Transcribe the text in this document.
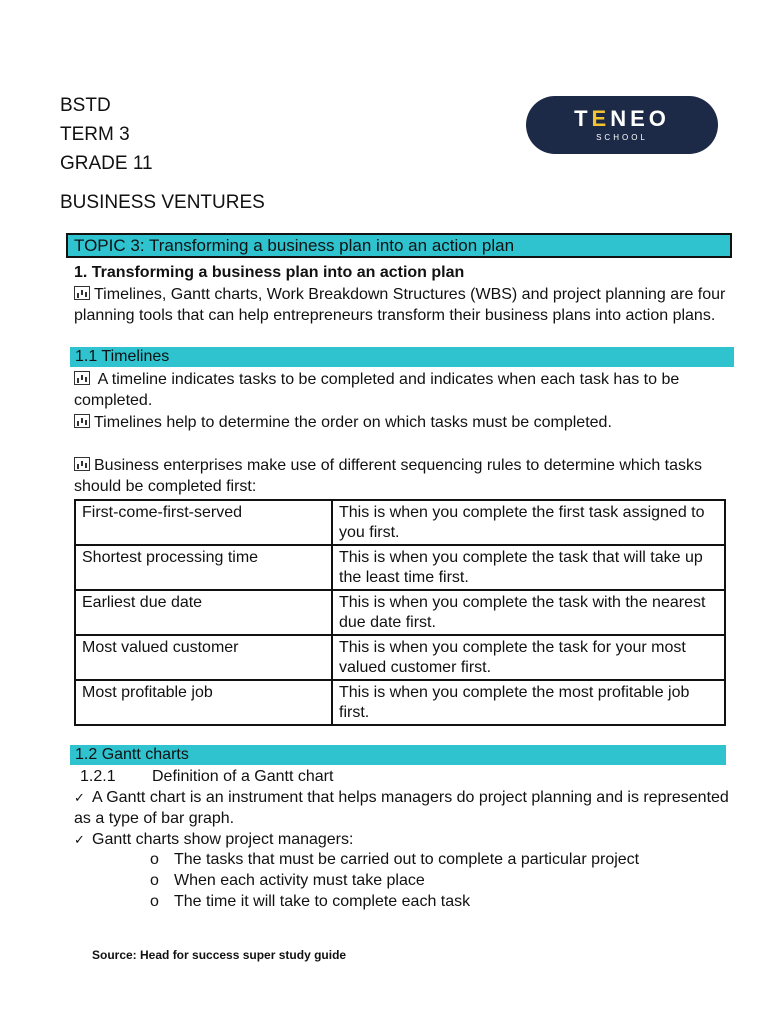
BSTD
TERM 3
GRADE 11
BUSINESS VENTURES
TENEO
SCHOOL
TOPIC 3: Transforming a business plan into an action plan

1. Transforming a business plan into an action plan

Timelines, Gantt charts, Work Breakdown Structures (WBS) and project planning are four planning tools that can help entrepreneurs transform their business plans into action plans.

1.1 Timelines

A timeline indicates tasks to be completed and indicates when each task has to be completed.

Timelines help to determine the order on which tasks must be completed.

Business enterprises make use of different sequencing rules to determine which tasks should be completed first:

First-come-first-served	This is when you complete the first task assigned to you first.
Shortest processing time	This is when you complete the task that will take up the least time first.
Earliest due date	This is when you complete the task with the nearest due date first.
Most valued customer	This is when you complete the task for your most valued customer first.
Most profitable job	This is when you complete the most profitable job first.
1.2 Gantt charts
1.2.1 Definition of a Gantt chart

✓ A Gantt chart is an instrument that helps managers do project planning and is represented as a type of bar graph.

✓ Gantt charts show project managers:

o The tasks that must be carried out to complete a particular project
o When each activity must take place
o The time it will take to complete each task
Source: Head for success super study guide
